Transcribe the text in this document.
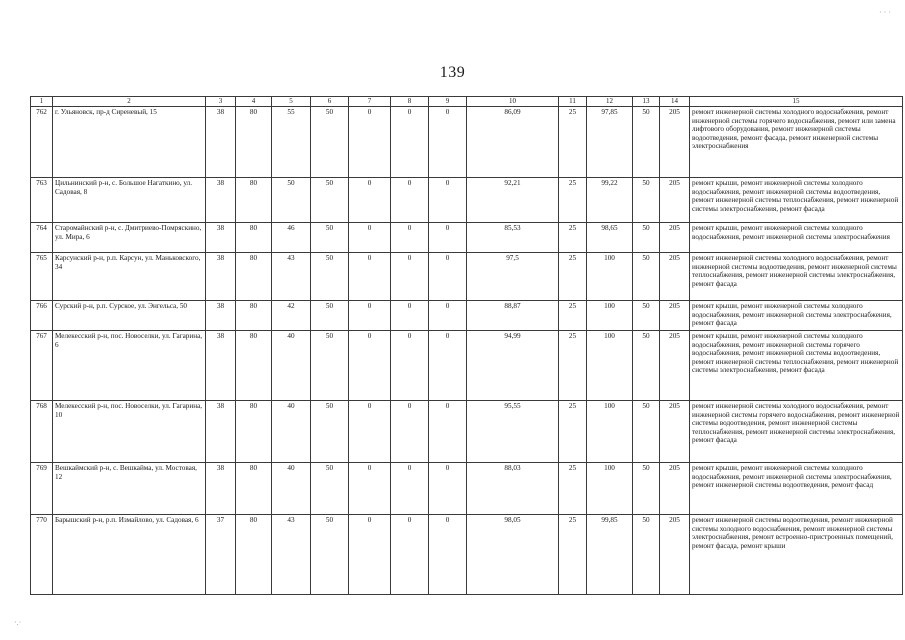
139
· · ·
·.·
1	2	3	4	5	6	7	8	9	10	11	12	13	14	15
762	г. Ульяновск, пр-д Сиреневый, 15	38	80	55	50	0	0	0	86,09	25	97,85	50	205	ремонт инженерной системы холодного водоснабжения, ремонт инженерной системы горячего водоснабжения, ремонт или замена лифтового оборудования, ремонт инженерной системы водоотведения, ремонт фасада, ремонт инженерной системы электроснабжения
763	Цильнинский р-н, с. Большое Нагаткино, ул. Садовая, 8	38	80	50	50	0	0	0	92,21	25	99,22	50	205	ремонт крыши, ремонт инженерной системы холодного водоснабжения, ремонт инженерной системы водоотведения, ремонт инженерной системы теплоснабжения, ремонт инженерной системы электроснабжения, ремонт фасада
764	Старомайнский р-н, с. Дмитриево-Помряскино, ул. Мира, 6	38	80	46	50	0	0	0	85,53	25	98,65	50	205	ремонт крыши, ремонт инженерной системы холодного водоснабжения, ремонт инженерной системы электроснабжения
765	Карсунский р-н, р.п. Карсун, ул. Маньковского, 34	38	80	43	50	0	0	0	97,5	25	100	50	205	ремонт инженерной системы холодного водоснабжения, ремонт инженерной системы водоотведения, ремонт инженерной системы теплоснабжения, ремонт инженерной системы электроснабжения, ремонт фасада
766	Сурский р-н, р.п. Сурское, ул. Энгельса, 50	38	80	42	50	0	0	0	88,87	25	100	50	205	ремонт крыши, ремонт инженерной системы холодного водоснабжения, ремонт инженерной системы электроснабжения, ремонт фасада
767	Мелекесский р-н, пос. Новоселки, ул. Гагарина, 6	38	80	40	50	0	0	0	94,99	25	100	50	205	ремонт крыши, ремонт инженерной системы холодного водоснабжения, ремонт инженерной системы горячего водоснабжения, ремонт инженерной системы водоотведения, ремонт инженерной системы теплоснабжения, ремонт инженерной системы электроснабжения, ремонт фасада
768	Мелекесский р-н, пос. Новоселки, ул. Гагарина, 10	38	80	40	50	0	0	0	95,55	25	100	50	205	ремонт инженерной системы холодного водоснабжения, ремонт инженерной системы горячего водоснабжения, ремонт инженерной системы водоотведения, ремонт инженерной системы теплоснабжения, ремонт инженерной системы электроснабжения, ремонт фасада
769	Вешкаймский р-н, с. Вешкайма, ул. Мостовая, 12	38	80	40	50	0	0	0	88,03	25	100	50	205	ремонт крыши, ремонт инженерной системы холодного водоснабжения, ремонт инженерной системы электроснабжения, ремонт инженерной системы водоотведения, ремонт фасад
770	Барышский р-н, р.п. Измайлово, ул. Садовая, 6	37	80	43	50	0	0	0	98,05	25	99,85	50	205	ремонт инженерной системы водоотведения, ремонт инженерной системы холодного водоснабжения, ремонт инженерной системы электроснабжения, ремонт встроенно-пристроенных помещений, ремонт фасада, ремонт крыши
